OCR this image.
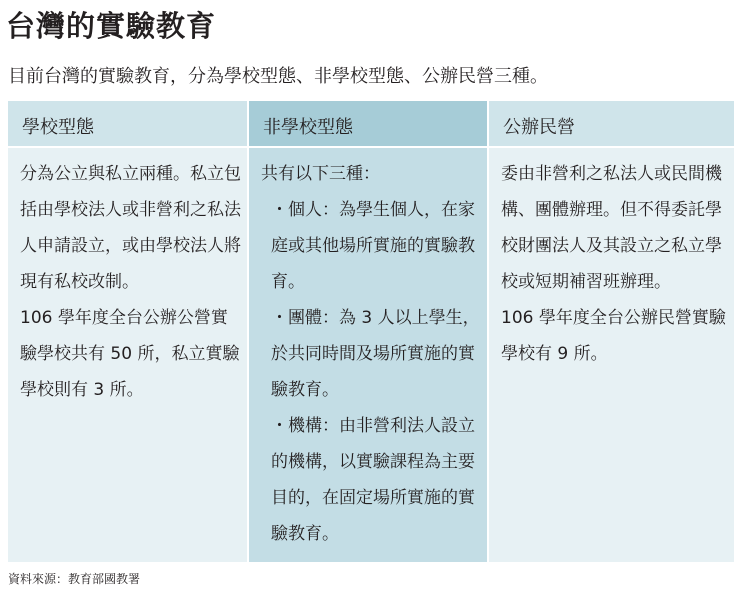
台灣的實驗教育
目前台灣的實驗教育，分為學校型態、非學校型態、公辦民營三種。
學校型態

分為公立與私立兩種。私立包括由學校法人或非營利之私法人申請設立，或由學校法人將現有私校改制。

106 學年度全台公辦公營實驗學校共有 50 所，私立實驗學校則有 3 所。

非學校型態

共有以下三種：

・個人：為學生個人，在家庭或其他場所實施的實驗教育。

・團體：為 3 人以上學生，於共同時間及場所實施的實驗教育。

・機構：由非營利法人設立的機構，以實驗課程為主要目的，在固定場所實施的實驗教育。

公辦民營

委由非營利之私法人或民間機構、團體辦理。但不得委託學校財團法人及其設立之私立學校或短期補習班辦理。

106 學年度全台公辦民營實驗學校有 9 所。

資料來源：教育部國教署
